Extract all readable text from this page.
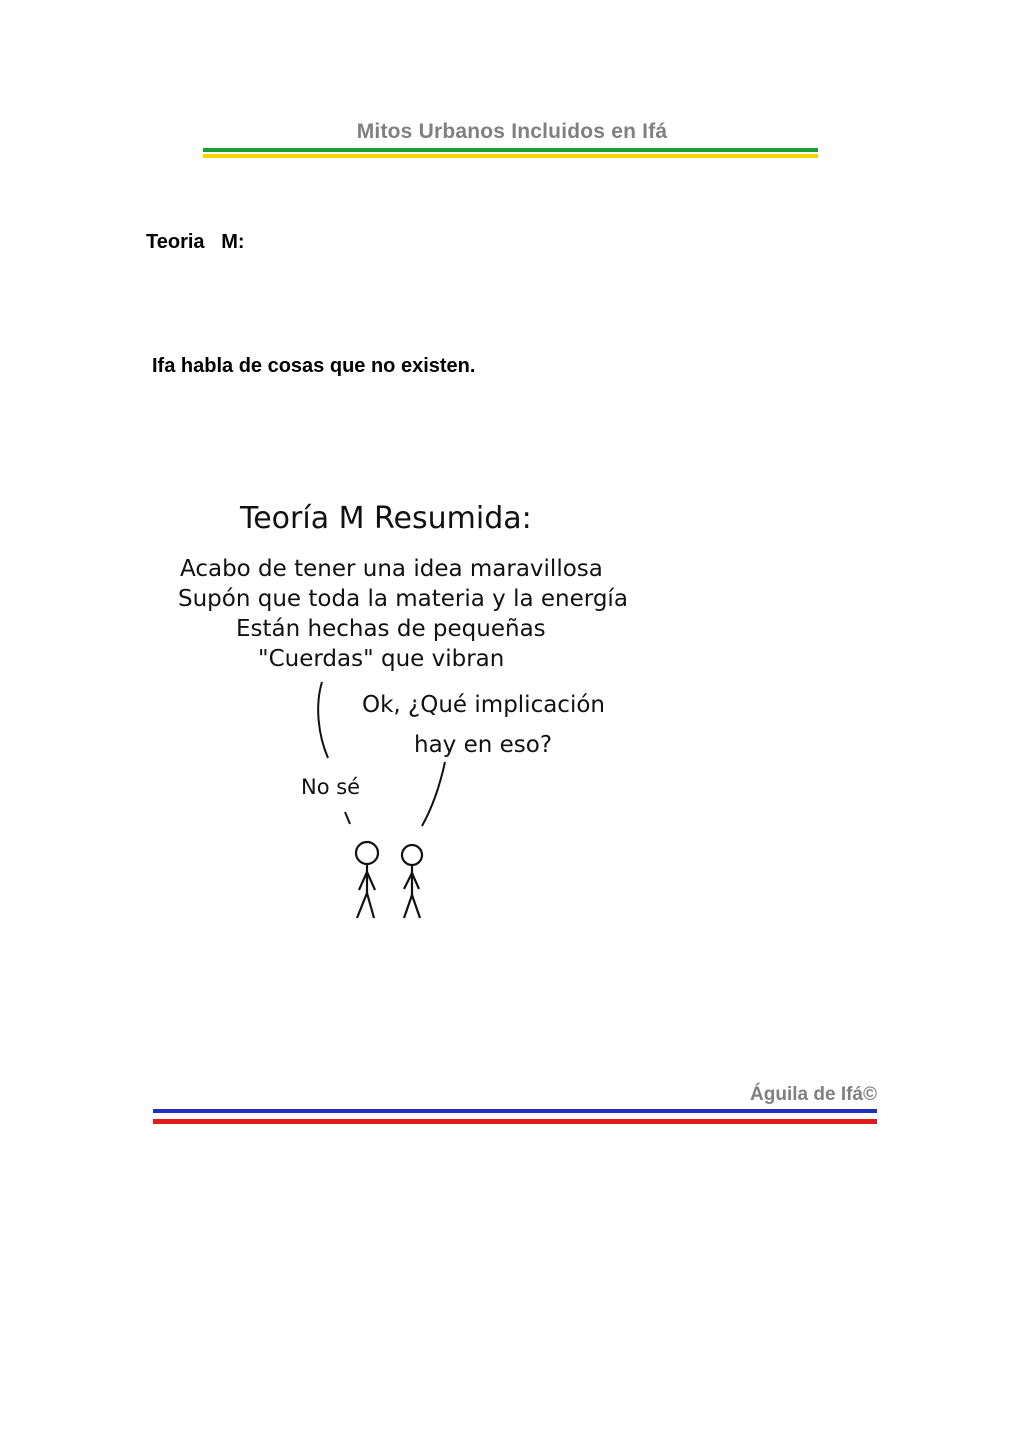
Mitos Urbanos Incluidos en Ifá
Teoria   M:
Ifa habla de cosas que no existen.
Teoría M Resumida:
Acabo de tener una idea maravillosa
Supón que toda la materia y la energía
Están hechas de pequeñas
"Cuerdas" que vibran
Ok, ¿Qué implicación
hay en eso?
No sé
Águila de Ifá©
